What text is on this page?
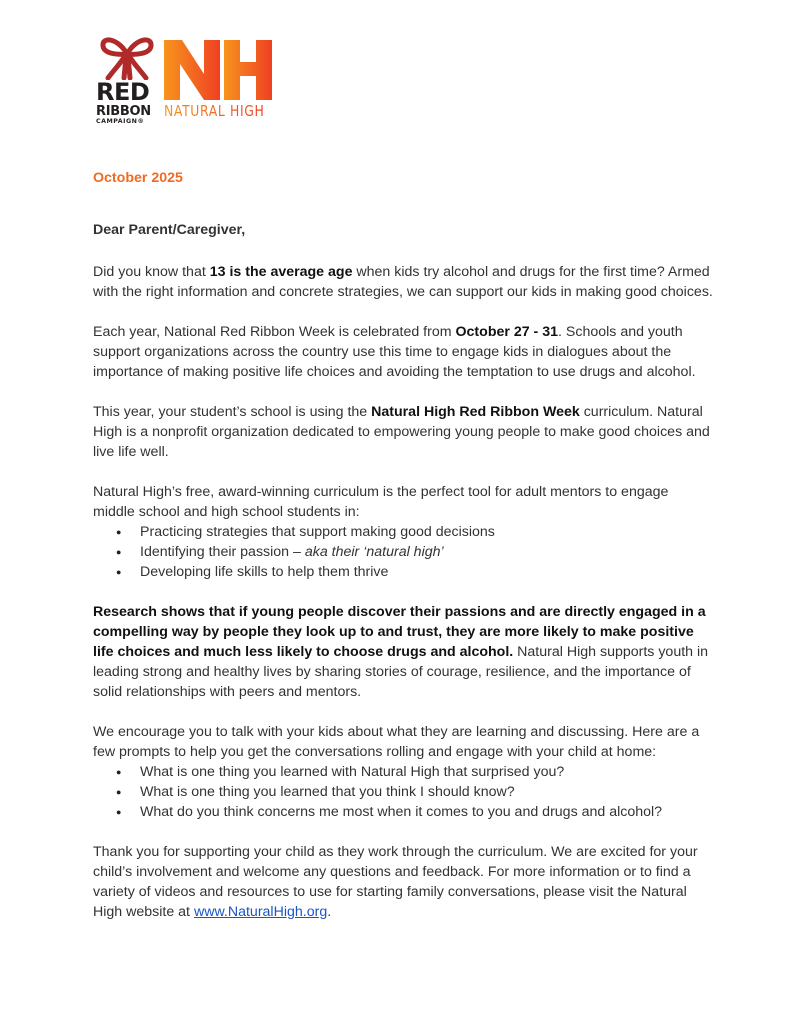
RED
RIBBON
CAMPAIGN®
NATURAL HIGH
October 2025
Dear Parent/Caregiver,

Did you know that 13 is the average age when kids try alcohol and drugs for the first time? Armed with the right information and concrete strategies, we can support our kids in making good choices.

Each year, National Red Ribbon Week is celebrated from October 27 - 31. Schools and youth support organizations across the country use this time to engage kids in dialogues about the importance of making positive life choices and avoiding the temptation to use drugs and alcohol.

This year, your student’s school is using the Natural High Red Ribbon Week curriculum. Natural High is a nonprofit organization dedicated to empowering young people to make good choices and live life well.

Natural High’s free, award-winning curriculum is the perfect tool for adult mentors to engage middle school and high school students in:

● Practicing strategies that support making good decisions
● Identifying their passion – aka their ‘natural high’
● Developing life skills to help them thrive

Research shows that if young people discover their passions and are directly engaged in a compelling way by people they look up to and trust, they are more likely to make positive life choices and much less likely to choose drugs and alcohol. Natural High supports youth in leading strong and healthy lives by sharing stories of courage, resilience, and the importance of solid relationships with peers and mentors.

We encourage you to talk with your kids about what they are learning and discussing. Here are a few prompts to help you get the conversations rolling and engage with your child at home:

● What is one thing you learned with Natural High that surprised you?
● What is one thing you learned that you think I should know?
● What do you think concerns me most when it comes to you and drugs and alcohol?

Thank you for supporting your child as they work through the curriculum. We are excited for your child’s involvement and welcome any questions and feedback. For more information or to find a variety of videos and resources to use for starting family conversations, please visit the Natural High website at www.NaturalHigh.org.
